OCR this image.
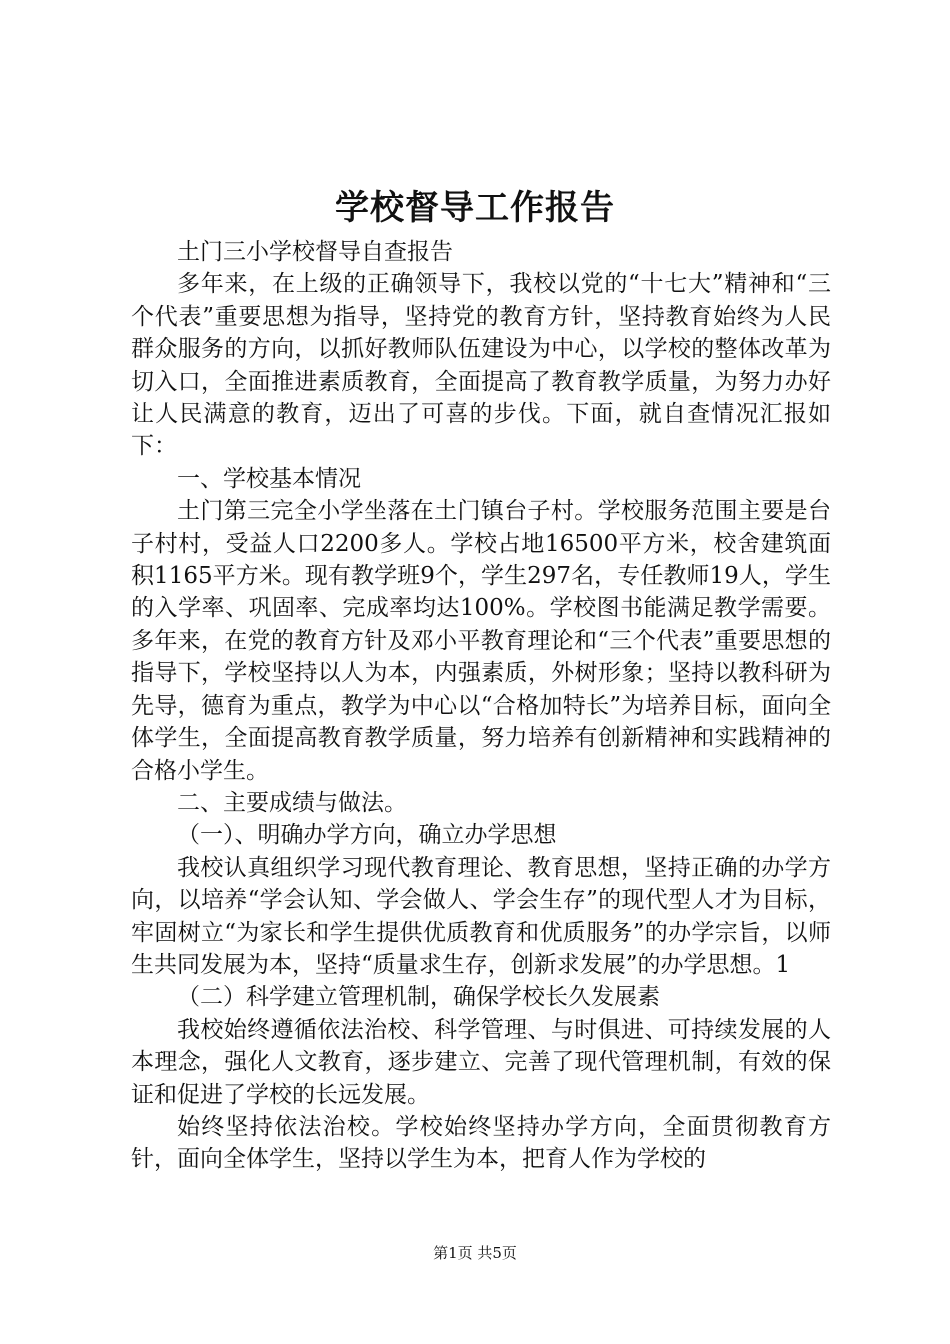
学校督导工作报告

土门三小学校督导自查报告

多年来，在上级的正确领导下，我校以党的“十七大”精神和“三个代表”重要思想为指导，坚持党的教育方针，坚持教育始终为人民群众服务的方向，以抓好教师队伍建设为中心，以学校的整体改革为切入口，全面推进素质教育，全面提高了教育教学质量，为努力办好让人民满意的教育，迈出了可喜的步伐。下面，就自查情况汇报如下：

一、学校基本情况

土门第三完全小学坐落在土门镇台子村。学校服务范围主要是台子村村，受益人口2200多人。学校占地16500平方米，校舍建筑面积1165平方米。现有教学班9个，学生297名，专任教师19人，学生的入学率、巩固率、完成率均达100%。学校图书能满足教学需要。多年来，在党的教育方针及邓小平教育理论和“三个代表”重要思想的指导下，学校坚持以人为本，内强素质，外树形象；坚持以教科研为先导，德育为重点，教学为中心以“合格加特长”为培养目标，面向全体学生，全面提高教育教学质量，努力培养有创新精神和实践精神的合格小学生。

二、主要成绩与做法。

（一）、明确办学方向，确立办学思想

我校认真组织学习现代教育理论、教育思想，坚持正确的办学方向，以培养“学会认知、学会做人、学会生存”的现代型人才为目标，牢固树立“为家长和学生提供优质教育和优质服务”的办学宗旨，以师生共同发展为本，坚持“质量求生存，创新求发展”的办学思想。1

（二）科学建立管理机制，确保学校长久发展素

我校始终遵循依法治校、科学管理、与时俱进、可持续发展的人本理念，强化人文教育，逐步建立、完善了现代管理机制，有效的保证和促进了学校的长远发展。

始终坚持依法治校。学校始终坚持办学方向，全面贯彻教育方针，面向全体学生，坚持以学生为本，把育人作为学校的

第1页 共5页
